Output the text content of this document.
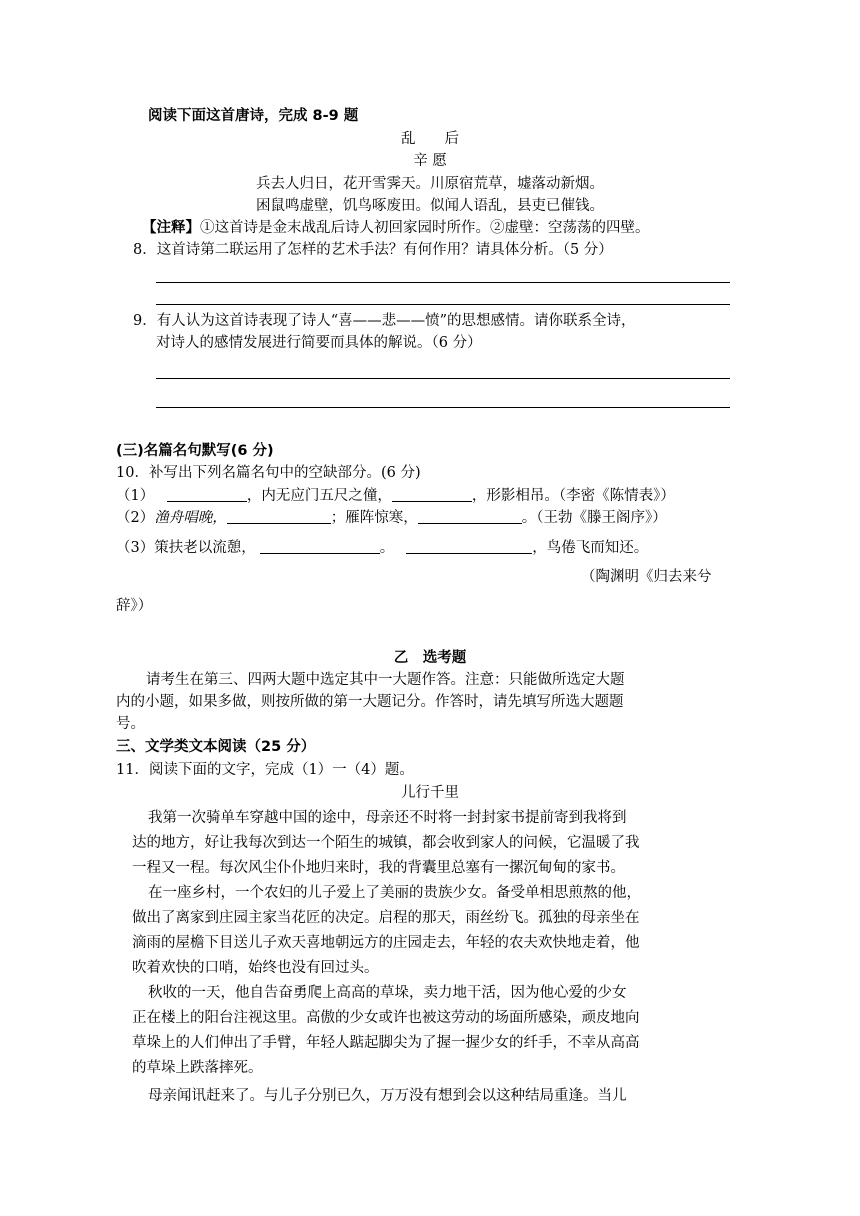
阅读下面这首唐诗，完成 8-9 题
乱　　后
辛 愿
兵去人归日，花开雪霁天。川原宿荒草，墟落动新烟。
困鼠鸣虚壁，饥鸟啄废田。似闻人语乱，县吏已催钱。
【注释】①这首诗是金末战乱后诗人初回家园时所作。②虚壁：空荡荡的四壁。
8．这首诗第二联运用了怎样的艺术手法？有何作用？请具体分析。（5 分）
9．有人认为这首诗表现了诗人“喜——悲——愤”的思想感情。请你联系全诗，
对诗人的感情发展进行简要而具体的解说。（6 分）
(三)名篇名句默写(6 分)
10．补写出下列名篇名句中的空缺部分。(6 分)
（1）	，内无应门五尺之僮，	，形影相吊。（李密《陈情表》）
（2）渔舟唱晚，	；雁阵惊寒，	。（王勃《滕王阁序》）
（3）策扶老以流憩，	。	，鸟倦飞而知还。
（陶渊明《归去来兮
辞》）
乙　选考题
请考生在第三、四两大题中选定其中一大题作答。注意：只能做所选定大题
内的小题，如果多做，则按所做的第一大题记分。作答时，请先填写所选大题题
号。
三、文学类文本阅读（25 分）
11．阅读下面的文字，完成（1）一（4）题。
儿行千里
我第一次骑单车穿越中国的途中，母亲还不时将一封封家书提前寄到我将到
达的地方，好让我每次到达一个陌生的城镇，都会收到家人的问候，它温暖了我
一程又一程。每次风尘仆仆地归来时，我的背囊里总塞有一摞沉甸甸的家书。
在一座乡村，一个农妇的儿子爱上了美丽的贵族少女。备受单相思煎熬的他，
做出了离家到庄园主家当花匠的决定。启程的那天，雨丝纷飞。孤独的母亲坐在
滴雨的屋檐下目送儿子欢天喜地朝远方的庄园走去，年轻的农夫欢快地走着，他
吹着欢快的口哨，始终也没有回过头。
秋收的一天，他自告奋勇爬上高高的草垛，卖力地干活，因为他心爱的少女
正在楼上的阳台注视这里。高傲的少女或许也被这劳动的场面所感染，顽皮地向
草垛上的人们伸出了手臂，年轻人踮起脚尖为了握一握少女的纤手，不幸从高高
的草垛上跌落摔死。
母亲闻讯赶来了。与儿子分别已久，万万没有想到会以这种结局重逢。当儿
